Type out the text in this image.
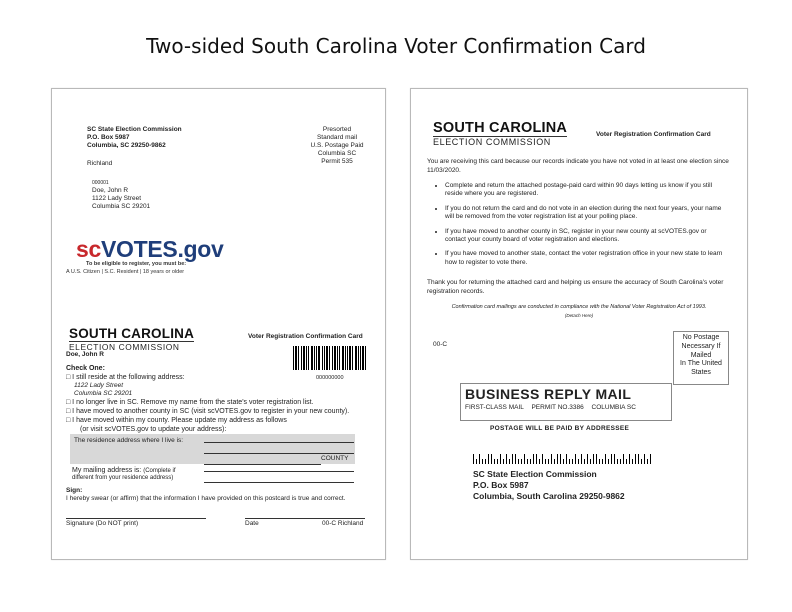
Two-sided South Carolina Voter Confirmation Card
SC State Election Commission
P.O. Box 5987
Columbia, SC 29250-9862
Richland
Presorted
Standard mail
U.S. Postage Paid
Columbia SC
Permit 535
000001
Doe, John R
1122 Lady Street
Columbia SC 29201
scVOTES.gov
To be eligible to register, you must be:
A U.S. Citizen | S.C. Resident | 18 years or older
SOUTH CAROLINA
ELECTION COMMISSION
Voter Registration Confirmation Card
Doe, John R
000000000
Check One:
□ I still reside at the following address:
1122 Lady Street
Columbia SC 29201
□ I no longer live in SC. Remove my name from the state's voter registration list.
□ I have moved to another county in SC (visit scVOTES.gov to register in your new county).
□ I have moved within my county. Please update my address as follows
(or visit scVOTES.gov to update your address):
The residence address where I live is:
COUNTY
My mailing address is: (Complete if
different from your residence address)
Sign:
I hereby swear (or affirm) that the information I have provided on this postcard is true and correct.
Signature (Do NOT print)	Date	00-C Richland
SOUTH CAROLINA
ELECTION COMMISSION
Voter Registration Confirmation Card
You are receiving this card because our records indicate you have not voted in at least one election since 11/03/2020.
• Complete and return the attached postage-paid card within 90 days letting us know if you still reside where you are registered.
• If you do not return the card and do not vote in an election during the next four years, your name will be removed from the voter registration list at your polling place.
• If you have moved to another county in SC, register in your new county at scVOTES.gov or contact your county board of voter registration and elections.
• If you have moved to another state, contact the voter registration office in your new state to learn how to register to vote there.
Thank you for returning the attached card and helping us ensure the accuracy of South Carolina's voter registration records.
Confirmation card mailings are conducted in compliance with the National Voter Registration Act of 1993.
(Detach Here)
00-C
No Postage
Necessary If
Mailed
In The United
States
BUSINESS REPLY MAIL
FIRST-CLASS MAIL PERMIT NO.3386 COLUMBIA SC
POSTAGE WILL BE PAID BY ADDRESSEE
SC State Election Commission
P.O. Box 5987
Columbia, South Carolina 29250-9862
